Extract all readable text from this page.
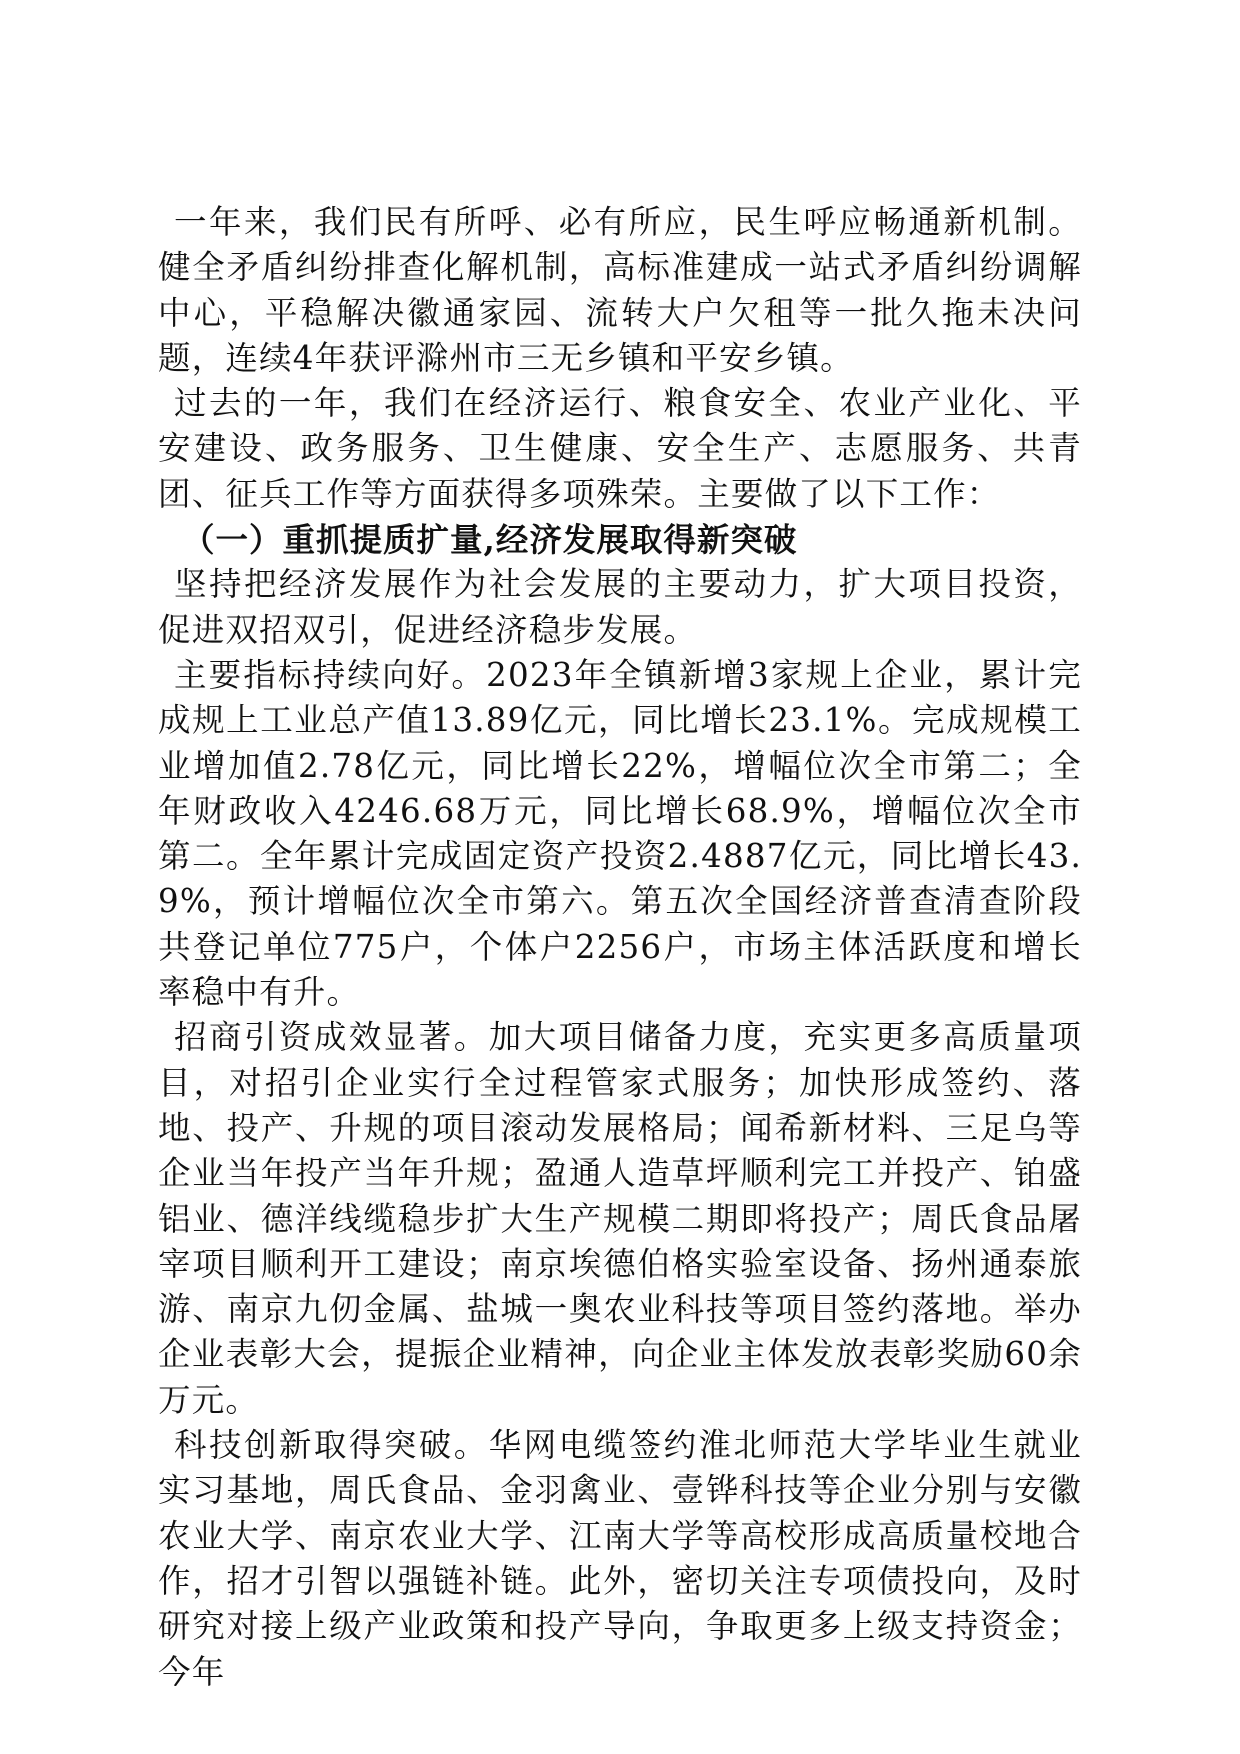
一年来，我们民有所呼、必有所应，民生呼应畅通新机制。健全矛盾纠纷排查化解机制，高标准建成一站式矛盾纠纷调解中心，平稳解决徽通家园、流转大户欠租等一批久拖未决问题，连续4年获评滁州市三无乡镇和平安乡镇。

过去的一年，我们在经济运行、粮食安全、农业产业化、平安建设、政务服务、卫生健康、安全生产、志愿服务、共青团、征兵工作等方面获得多项殊荣。主要做了以下工作：

（一）重抓提质扩量,经济发展取得新突破

坚持把经济发展作为社会发展的主要动力，扩大项目投资，促进双招双引，促进经济稳步发展。

主要指标持续向好。2023年全镇新增3家规上企业，累计完成规上工业总产值13.89亿元，同比增长23.1%。完成规模工业增加值2.78亿元，同比增长22%，增幅位次全市第二；全年财政收入4246.68万元，同比增长68.9%，增幅位次全市第二。全年累计完成固定资产投资2.4887亿元，同比增长43.9%，预计增幅位次全市第六。第五次全国经济普查清查阶段共登记单位775户，个体户2256户，市场主体活跃度和增长率稳中有升。

招商引资成效显著。加大项目储备力度，充实更多高质量项目，对招引企业实行全过程管家式服务；加快形成签约、落地、投产、升规的项目滚动发展格局；闻希新材料、三足乌等企业当年投产当年升规；盈通人造草坪顺利完工并投产、铂盛铝业、德洋线缆稳步扩大生产规模二期即将投产；周氏食品屠宰项目顺利开工建设；南京埃德伯格实验室设备、扬州通泰旅游、南京九仞金属、盐城一奥农业科技等项目签约落地。举办企业表彰大会，提振企业精神，向企业主体发放表彰奖励60余万元。

科技创新取得突破。华网电缆签约淮北师范大学毕业生就业实习基地，周氏食品、金羽禽业、壹铧科技等企业分别与安徽农业大学、南京农业大学、江南大学等高校形成高质量校地合作，招才引智以强链补链。此外，密切关注专项债投向，及时研究对接上级产业政策和投产导向，争取更多上级支持资金；今年
